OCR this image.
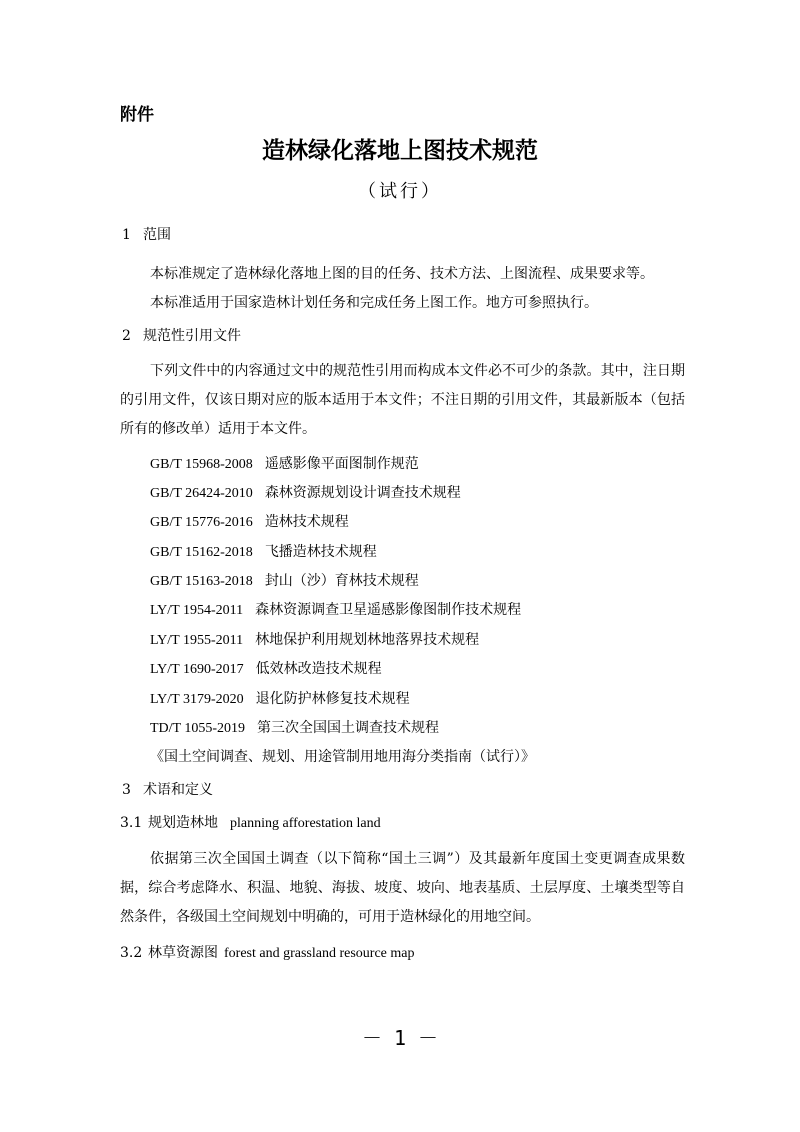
附件
造林绿化落地上图技术规范
（试行）
1 范围
本标准规定了造林绿化落地上图的目的任务、技术方法、上图流程、成果要求等。
本标准适用于国家造林计划任务和完成任务上图工作。地方可参照执行。
2 规范性引用文件
下列文件中的内容通过文中的规范性引用而构成本文件必不可少的条款。其中，注日期的引用文件，仅该日期对应的版本适用于本文件；不注日期的引用文件，其最新版本（包括所有的修改单）适用于本文件。
GB/T 15968-2008 遥感影像平面图制作规范
GB/T 26424-2010 森林资源规划设计调查技术规程
GB/T 15776-2016 造林技术规程
GB/T 15162-2018 飞播造林技术规程
GB/T 15163-2018 封山（沙）育林技术规程
LY/T 1954-2011 森林资源调查卫星遥感影像图制作技术规程
LY/T 1955-2011 林地保护利用规划林地落界技术规程
LY/T 1690-2017 低效林改造技术规程
LY/T 3179-2020 退化防护林修复技术规程
TD/T 1055-2019 第三次全国国土调查技术规程
《国土空间调查、规划、用途管制用地用海分类指南（试行）》
3 术语和定义
3.1 规划造林地 planning afforestation land
依据第三次全国国土调查（以下简称“国土三调”）及其最新年度国土变更调查成果数据，综合考虑降水、积温、地貌、海拔、坡度、坡向、地表基质、土层厚度、土壤类型等自然条件，各级国土空间规划中明确的，可用于造林绿化的用地空间。
3.2 林草资源图 forest and grassland resource map
－ 1 －
